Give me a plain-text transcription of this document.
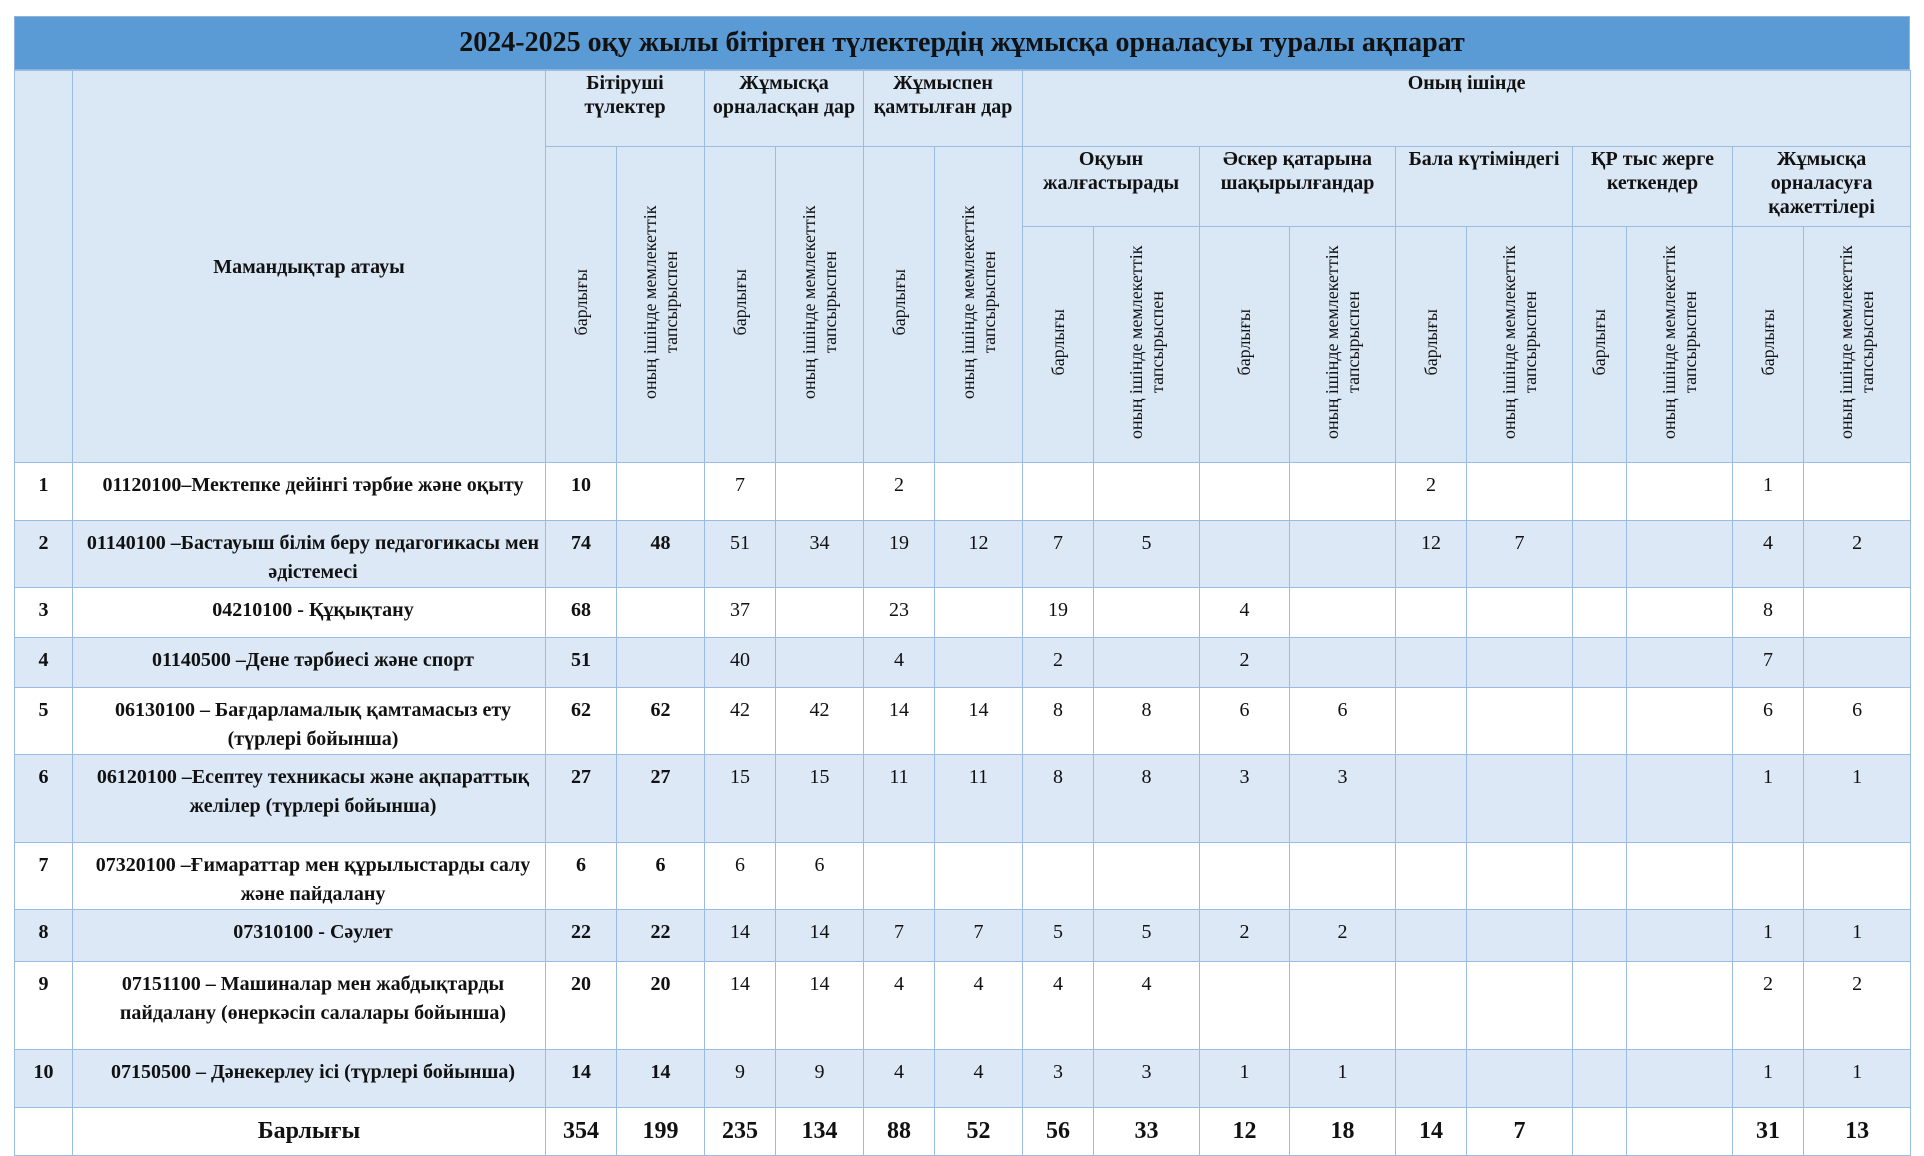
2024-2025 оқу жылы бітірген түлектердің жұмысқа орналасуы туралы ақпарат
	Мамандықтар атауы	Бітіруші түлектер		Жұмысқа орналасқан дар		Жұмыспен қамтылған дар		Оның ішінде									
		барлығы	оның ішінде мемлекеттік тапсырыспен	барлығы	оның ішінде мемлекеттік тапсырыспен	барлығы	оның ішінде мемлекеттік тапсырыспен	Оқуын жалғастырады		Әскер қатарына шақырылғандар		Бала күтіміндегі		ҚР тыс жерге кеткендер		Жұмысқа орналасуға қажеттілері	
								барлығы	оның ішінде мемлекеттік тапсырыспен	барлығы	оның ішінде мемлекеттік тапсырыспен	барлығы	оның ішінде мемлекеттік тапсырыспен	барлығы	оның ішінде мемлекеттік тапсырыспен	барлығы	оның ішінде мемлекеттік тапсырыспен
1	01120100–Мектепке дейінгі тәрбие және оқыту	10		7		2						2				1	
2	01140100 –Бастауыш білім беру педагогикасы мен әдістемесі	74	48	51	34	19	12	7	5			12	7			4	2
3	04210100 - Құқықтану	68		37		23		19		4						8	
4	01140500 –Дене тәрбиесі және спорт	51		40		4		2		2						7	
5	06130100 – Бағдарламалық қамтамасыз ету (түрлері бойынша)	62	62	42	42	14	14	8	8	6	6					6	6
6	06120100 –Есептеу техникасы және ақпараттық желілер (түрлері бойынша)	27	27	15	15	11	11	8	8	3	3					1	1
7	07320100 –Ғимараттар мен құрылыстарды салу және пайдалану	6	6	6	6												
8	07310100 - Сәулет	22	22	14	14	7	7	5	5	2	2					1	1
9	07151100 – Машиналар мен жабдықтарды пайдалану (өнеркәсіп салалары бойынша)	20	20	14	14	4	4	4	4							2	2
10	07150500 – Дәнекерлеу ісі (түрлері бойынша)	14	14	9	9	4	4	3	3	1	1					1	1
	Барлығы	354	199	235	134	88	52	56	33	12	18	14	7			31	13
